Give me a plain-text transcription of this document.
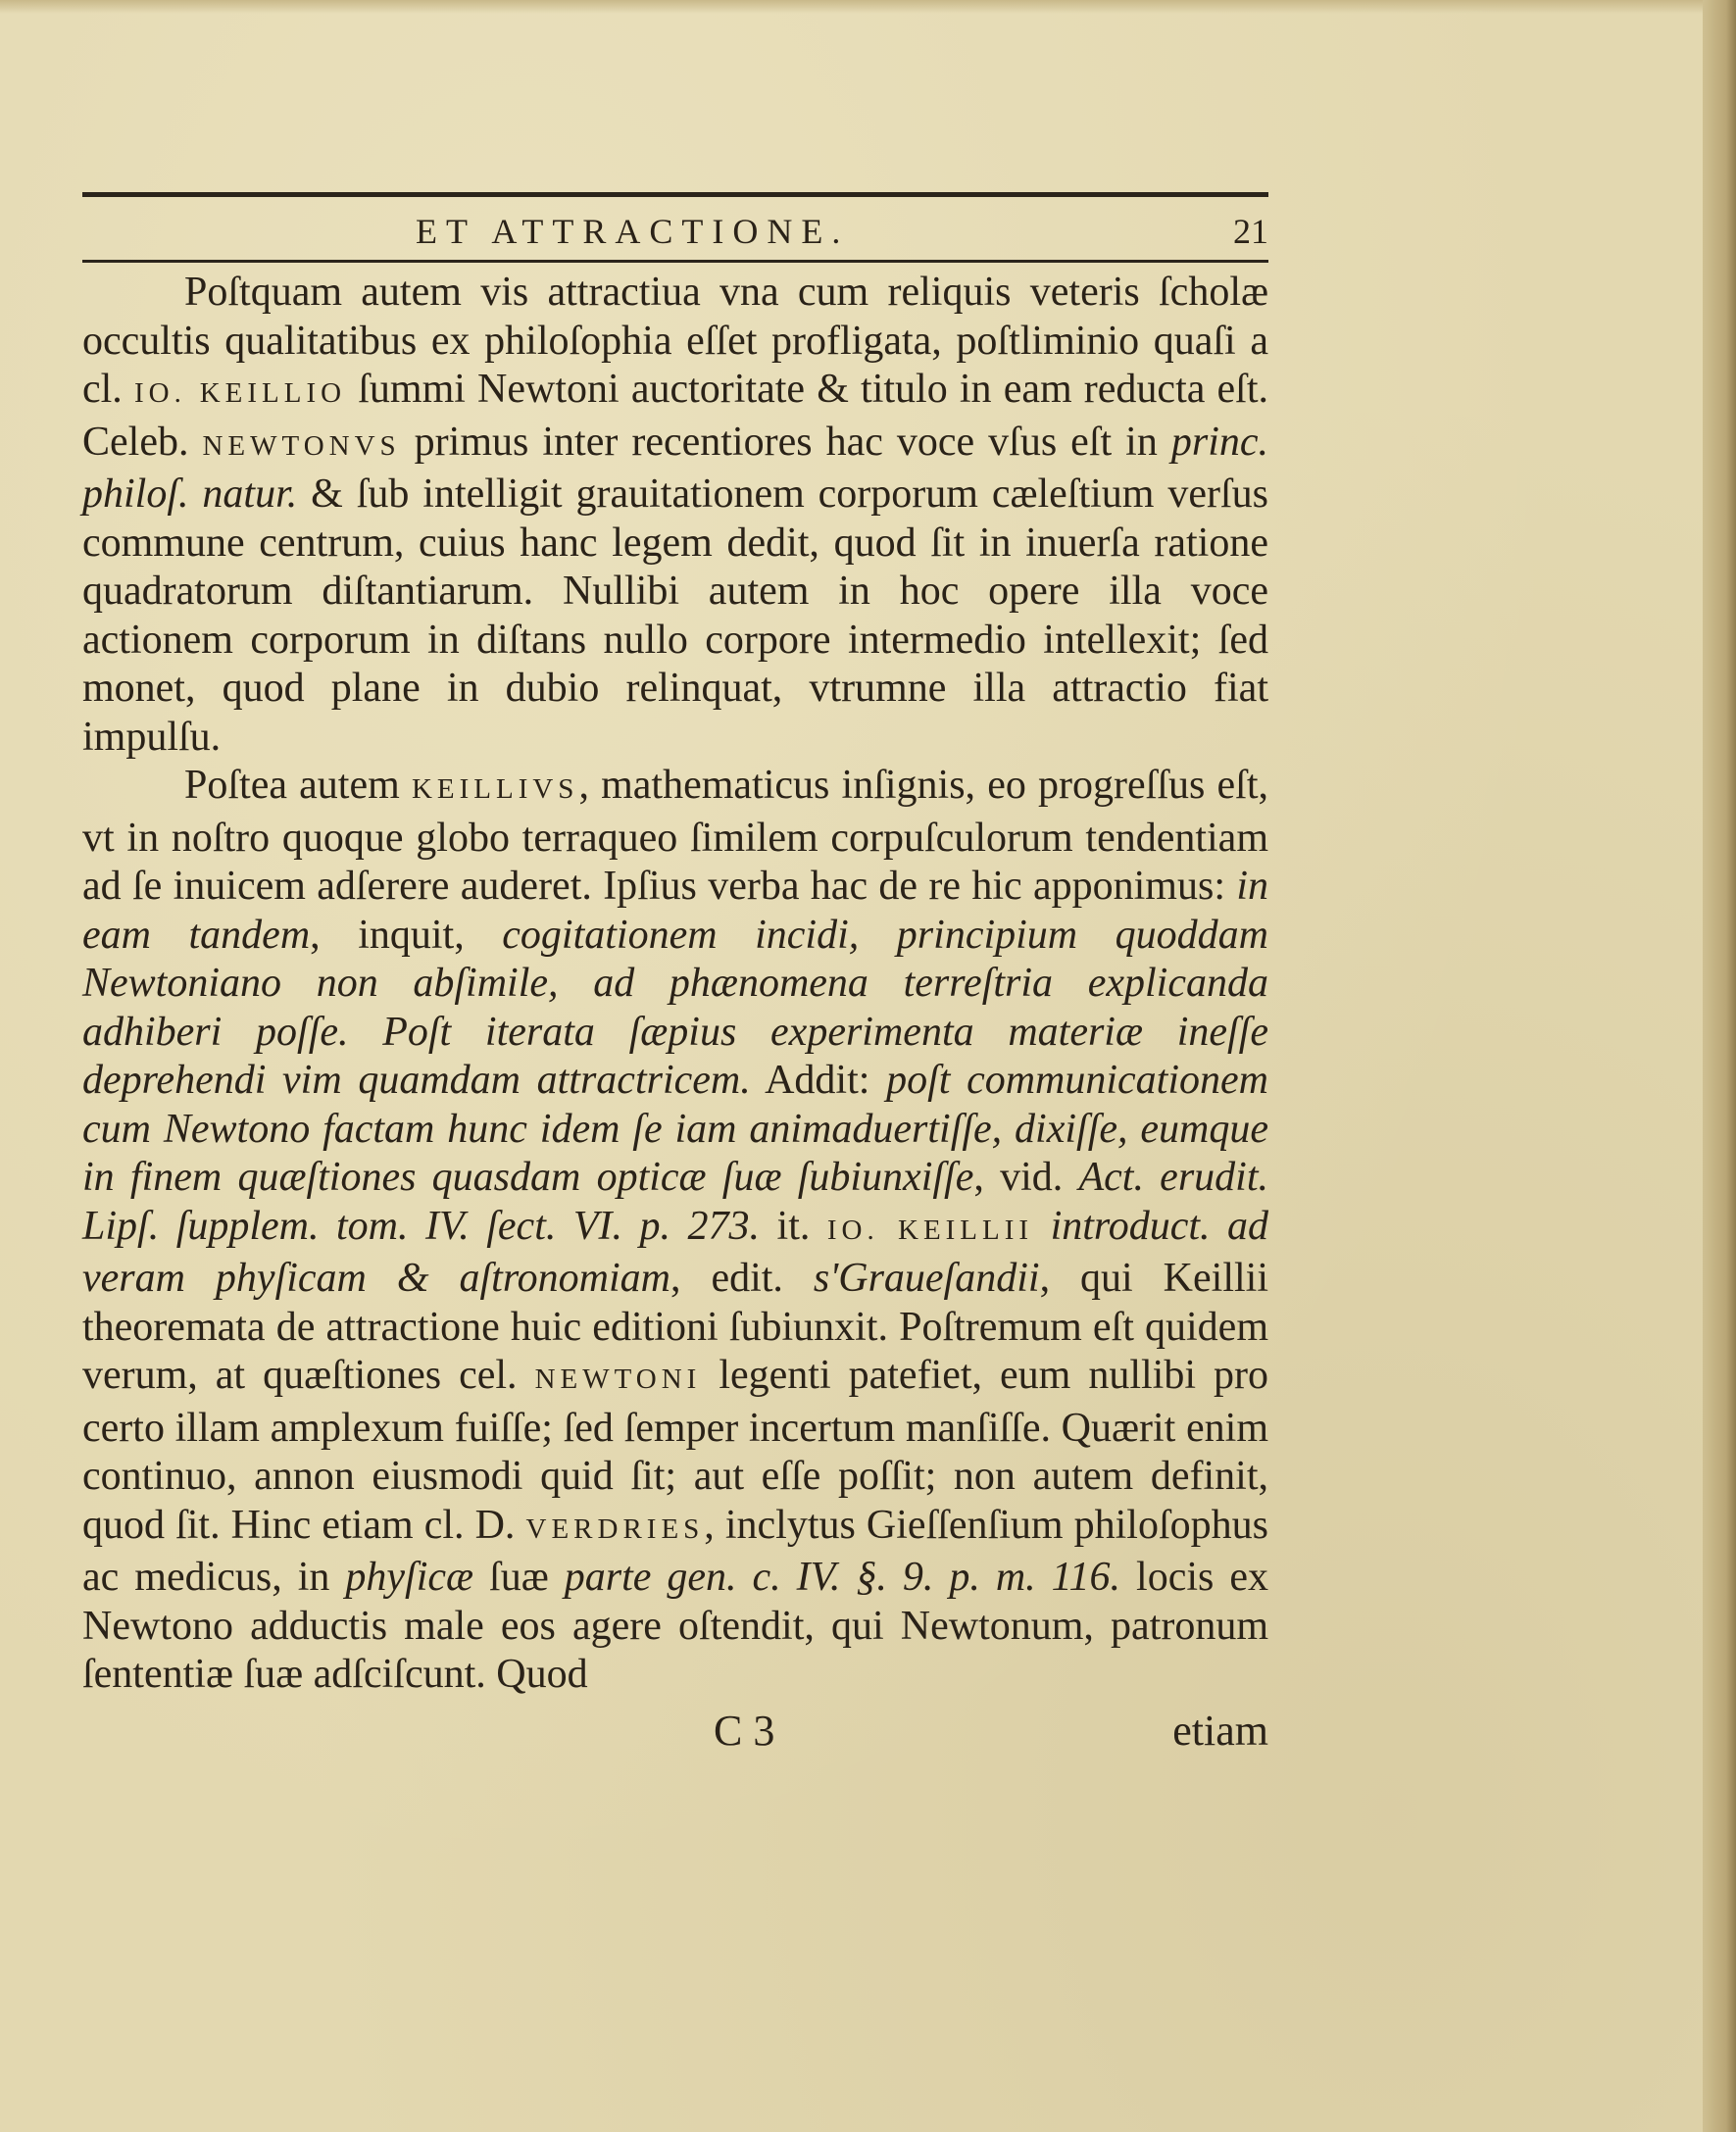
ET ATTRACTIONE.	21

Poſtquam autem vis attractiua vna cum reliquis veteris ſcholæ occultis qualitatibus ex philoſophia eſſet profligata, poſtliminio quaſi a cl. IO. KEILLIO ſummi Newtoni auctoritate & titulo in eam reducta eſt. Celeb. NEWTONVS primus inter recentiores hac voce vſus eſt in princ. philoſ. natur. & ſub intelligit grauitationem corporum cæleſtium verſus commune centrum, cuius hanc legem dedit, quod ſit in inuerſa ratione quadratorum diſtantiarum. Nullibi autem in hoc opere illa voce actionem corporum in diſtans nullo corpore intermedio intellexit; ſed monet, quod plane in dubio relinquat, vtrumne illa attractio fiat impulſu.

Poſtea autem KEILLIVS, mathematicus inſignis, eo progreſſus eſt, vt in noſtro quoque globo terraqueo ſimilem corpuſculorum tendentiam ad ſe inuicem adſerere auderet. Ipſius verba hac de re hic apponimus: in eam tandem, inquit, cogitationem incidi, principium quoddam Newtoniano non abſimile, ad phænomena terreſtria explicanda adhiberi poſſe. Poſt iterata ſæpius experimenta materiæ ineſſe deprehendi vim quamdam attractricem. Addit: poſt communicationem cum Newtono factam hunc idem ſe iam animaduertiſſe, dixiſſe, eumque in finem quæſtiones quasdam opticæ ſuæ ſubiunxiſſe, vid. Act. erudit. Lipſ. ſupplem. tom. IV. ſect. VI. p. 273. it. IO. KEILLII introduct. ad veram phyſicam & aſtronomiam, edit. s'Graueſandii, qui Keillii theoremata de attractione huic editioni ſubiunxit. Poſtremum eſt quidem verum, at quæſtiones cel. NEWTONI legenti patefiet, eum nullibi pro certo illam amplexum fuiſſe; ſed ſemper incertum manſiſſe. Quærit enim continuo, annon eiusmodi quid ſit; aut eſſe poſſit; non autem definit, quod ſit. Hinc etiam cl. D. VERDRIES, inclytus Gieſſenſium philoſophus ac medicus, in phyſicæ ſuæ parte gen. c. IV. §. 9. p. m. 116. locis ex Newtono adductis male eos agere oſtendit, qui Newtonum, patronum ſententiæ ſuæ adſciſcunt. Quod

C 3	etiam
